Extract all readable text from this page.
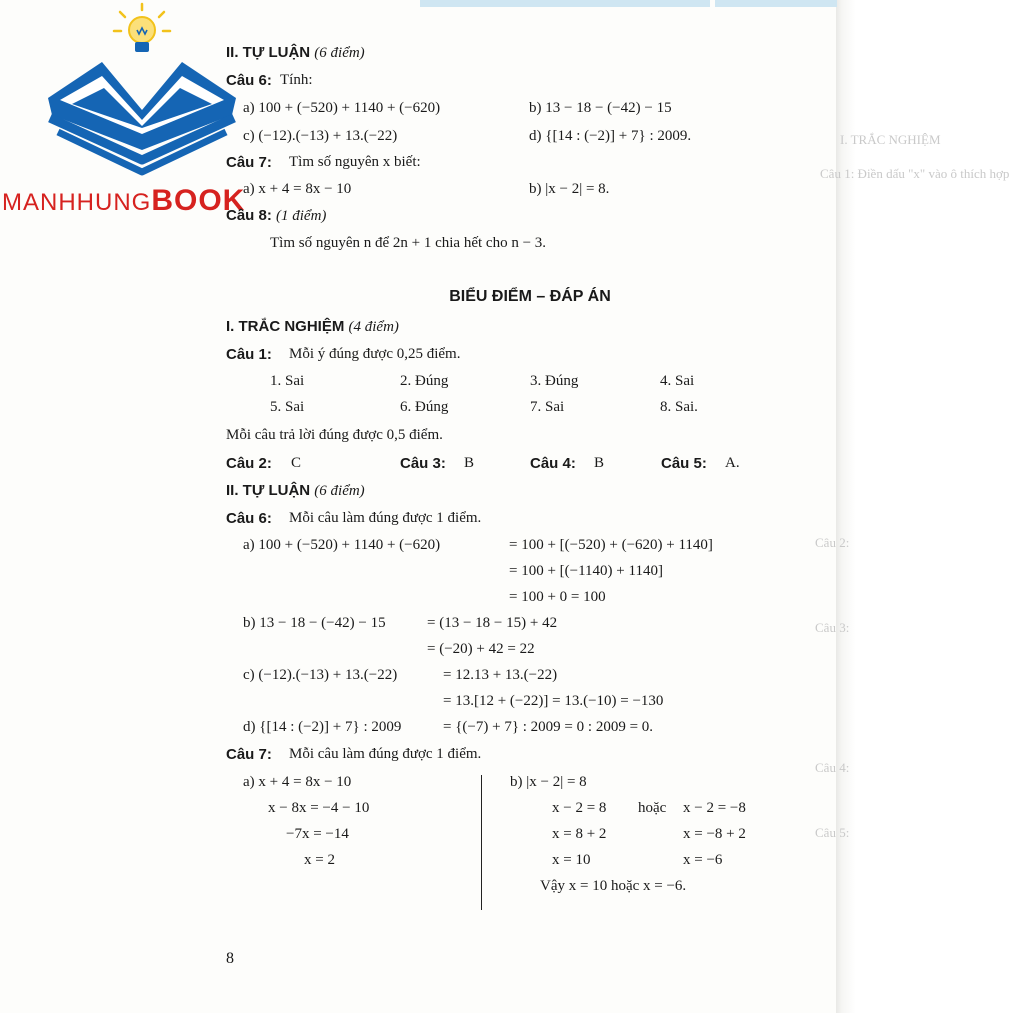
I. TRẮC NGHIỆM
Câu 1: Điền dấu "x" vào ô thích hợp
Câu 2:
Câu 3:
Câu 4:
Câu 5:
MANHHUNGBOOK
II. TỰ LUẬN (6 điểm)
Câu 6: Tính:
a) 100 + (−520) + 1140 + (−620)	b) 13 − 18 − (−42) − 15
c) (−12).(−13) + 13.(−22)	d) {[14 : (−2)] + 7} : 2009.
Câu 7: Tìm số nguyên x biết:
a) x + 4 = 8x − 10	b) |x − 2| = 8.
Câu 8: (1 điểm)
Tìm số nguyên n để 2n + 1 chia hết cho n − 3.
BIỂU ĐIỂM – ĐÁP ÁN
I. TRẮC NGHIỆM (4 điểm)
Câu 1: Mỗi ý đúng được 0,25 điểm.
1. Sai	2. Đúng	3. Đúng	4. Sai
5. Sai	6. Đúng	7. Sai	8. Sai.
Mỗi câu trả lời đúng được 0,5 điểm.
Câu 2: C	Câu 3: B	Câu 4: B	Câu 5: A.
II. TỰ LUẬN (6 điểm)
Câu 6: Mỗi câu làm đúng được 1 điểm.
a) 100 + (−520) + 1140 + (−620)	= 100 + [(−520) + (−620) + 1140]
= 100 + [(−1140) + 1140]
= 100 + 0 = 100
b) 13 − 18 − (−42) − 15	= (13 − 18 − 15) + 42
= (−20) + 42 = 22
c) (−12).(−13) + 13.(−22)	= 12.13 + 13.(−22)
= 13.[12 + (−22)] = 13.(−10) = −130
d) {[14 : (−2)] + 7} : 2009	= {(−7) + 7} : 2009 = 0 : 2009 = 0.
Câu 7: Mỗi câu làm đúng được 1 điểm.
a) x + 4 = 8x − 10
x − 8x = −4 − 10
−7x = −14
x = 2
b) |x − 2| = 8
x − 2 = 8 hoặc x − 2 = −8
x = 8 + 2	x = −8 + 2
x = 10	x = −6
Vậy x = 10 hoặc x = −6.
8
